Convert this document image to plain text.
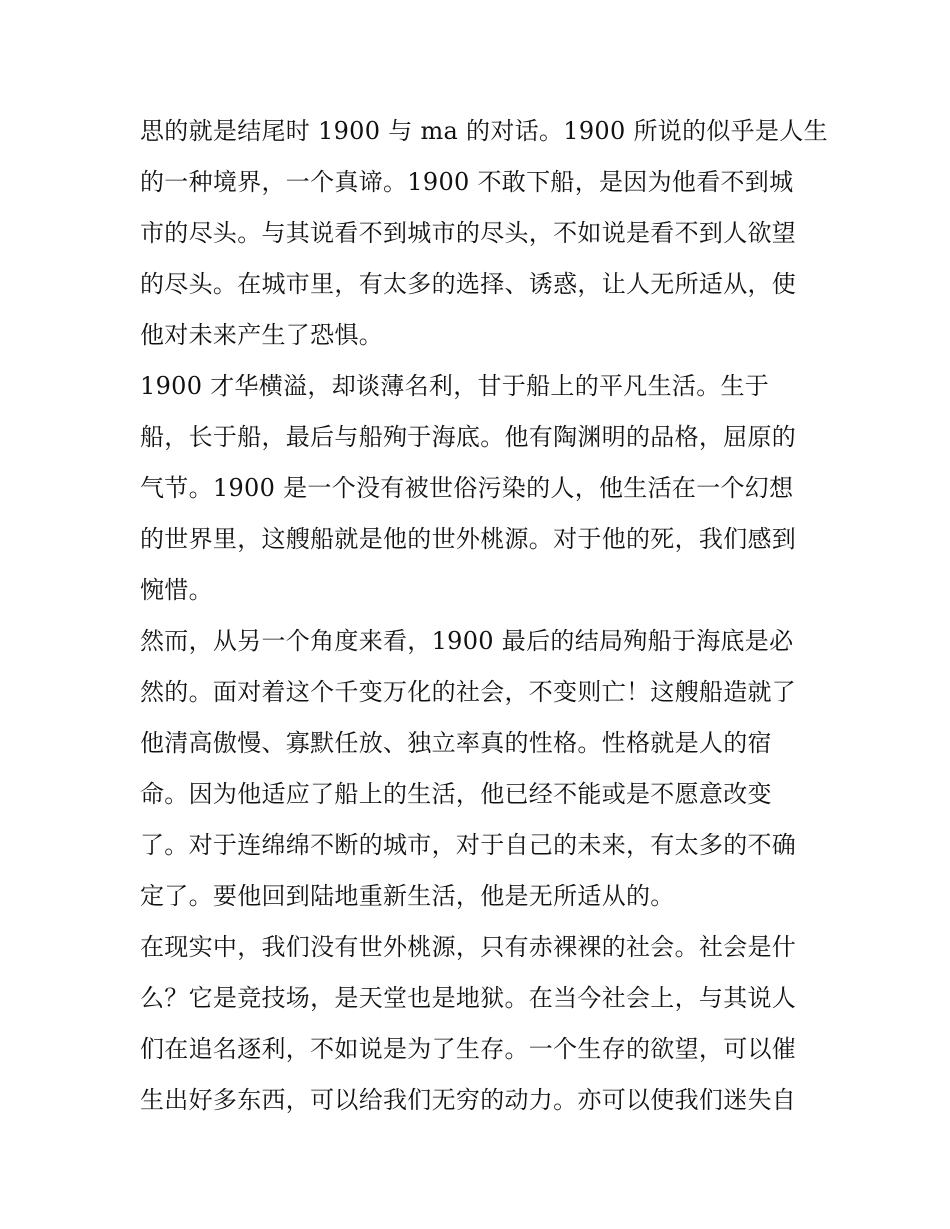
思的就是结尾时 1900 与 ma 的对话。1900 所说的似乎是人生
的一种境界，一个真谛。1900 不敢下船，是因为他看不到城
市的尽头。与其说看不到城市的尽头，不如说是看不到人欲望
的尽头。在城市里，有太多的选择、诱惑，让人无所适从，使
他对未来产生了恐惧。
1900 才华横溢，却谈薄名利，甘于船上的平凡生活。生于
船，长于船，最后与船殉于海底。他有陶渊明的品格，屈原的
气节。1900 是一个没有被世俗污染的人，他生活在一个幻想
的世界里，这艘船就是他的世外桃源。对于他的死，我们感到
惋惜。
然而，从另一个角度来看，1900 最后的结局殉船于海底是必
然的。面对着这个千变万化的社会，不变则亡！这艘船造就了
他清高傲慢、寡默任放、独立率真的性格。性格就是人的宿
命。因为他适应了船上的生活，他已经不能或是不愿意改变
了。对于连绵绵不断的城市，对于自己的未来，有太多的不确
定了。要他回到陆地重新生活，他是无所适从的。
在现实中，我们没有世外桃源，只有赤裸裸的社会。社会是什
么？它是竞技场，是天堂也是地狱。在当今社会上，与其说人
们在追名逐利，不如说是为了生存。一个生存的欲望，可以催
生出好多东西，可以给我们无穷的动力。亦可以使我们迷失自
